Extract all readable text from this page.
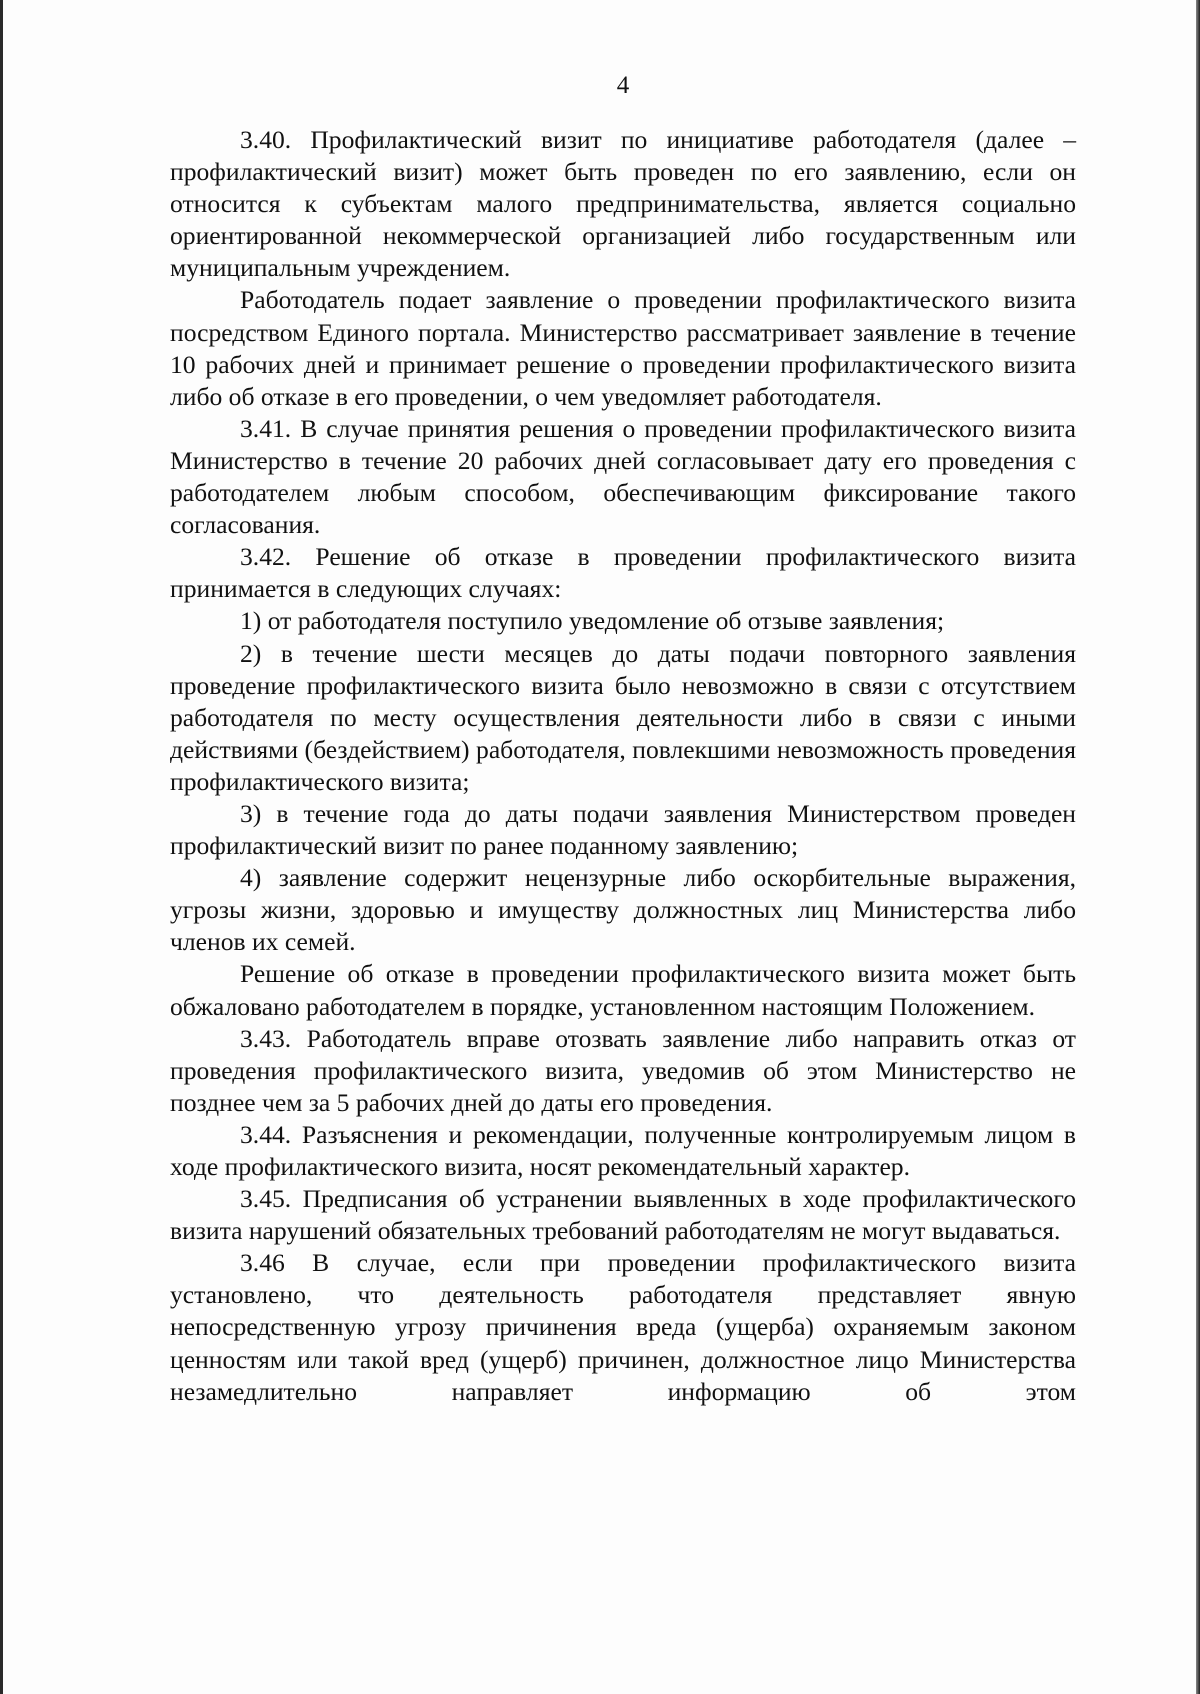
4

3.40. Профилактический визит по инициативе работодателя (далее – профилактический визит) может быть проведен по его заявлению, если он относится к субъектам малого предпринимательства, является социально ориентированной некоммерческой организацией либо государственным или муниципальным учреждением.

Работодатель подает заявление о проведении профилактического визита посредством Единого портала. Министерство рассматривает заявление в течение 10 рабочих дней и принимает решение о проведении профилактического визита либо об отказе в его проведении, о чем уведомляет работодателя.

3.41. В случае принятия решения о проведении профилактического визита Министерство в течение 20 рабочих дней согласовывает дату его проведения с работодателем любым способом, обеспечивающим фиксирование такого согласования.

3.42. Решение об отказе в проведении профилактического визита принимается в следующих случаях:

1) от работодателя поступило уведомление об отзыве заявления;

2) в течение шести месяцев до даты подачи повторного заявления проведение профилактического визита было невозможно в связи с отсутствием работодателя по месту осуществления деятельности либо в связи с иными действиями (бездействием) работодателя, повлекшими невозможность проведения профилактического визита;

3) в течение года до даты подачи заявления Министерством проведен профилактический визит по ранее поданному заявлению;

4) заявление содержит нецензурные либо оскорбительные выражения, угрозы жизни, здоровью и имуществу должностных лиц Министерства либо членов их семей.

Решение об отказе в проведении профилактического визита может быть обжаловано работодателем в порядке, установленном настоящим Положением.

3.43. Работодатель вправе отозвать заявление либо направить отказ от проведения профилактического визита, уведомив об этом Министерство не позднее чем за 5 рабочих дней до даты его проведения.

3.44. Разъяснения и рекомендации, полученные контролируемым лицом в ходе профилактического визита, носят рекомендательный характер.

3.45. Предписания об устранении выявленных в ходе профилактического визита нарушений обязательных требований работодателям не могут выдаваться.

3.46 В случае, если при проведении профилактического визита установлено, что деятельность работодателя представляет явную непосредственную угрозу причинения вреда (ущерба) охраняемым законом ценностям или такой вред (ущерб) причинен, должностное лицо Министерства незамедлительно направляет информацию об этом
